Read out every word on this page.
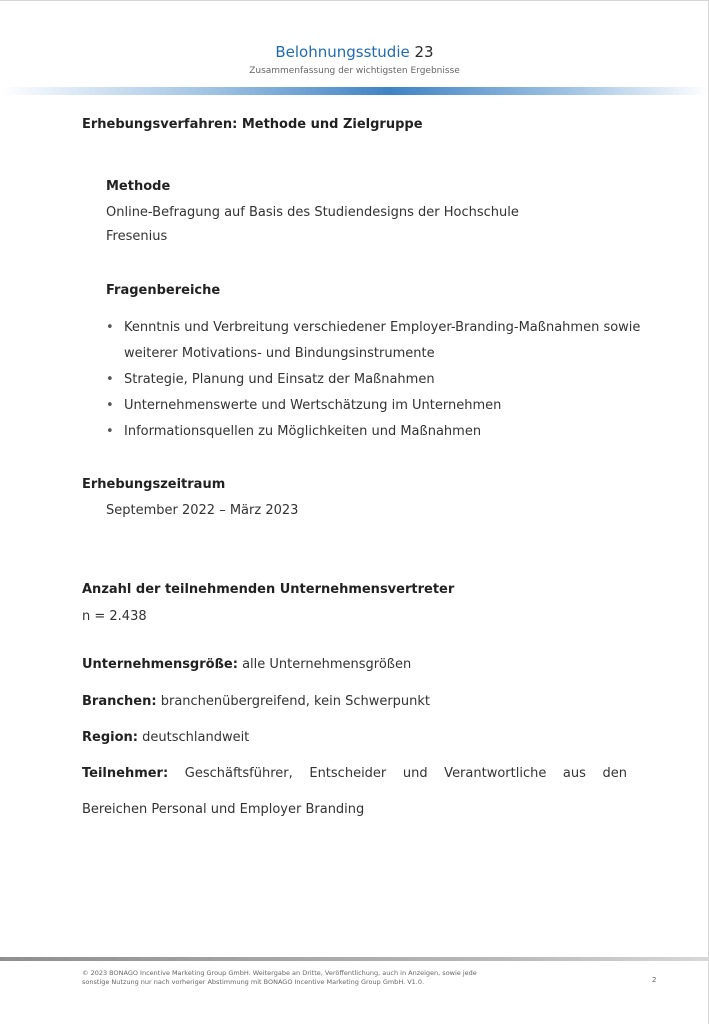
Belohnungsstudie 23
Zusammenfassung der wichtigsten Ergebnisse
Erhebungsverfahren: Methode und Zielgruppe
Methode
Online-Befragung auf Basis des Studiendesigns der Hochschule
Fresenius
Fragenbereiche
• Kenntnis und Verbreitung verschiedener Employer-Branding-Maßnahmen sowie weiterer Motivations- und Bindungsinstrumente
• Strategie, Planung und Einsatz der Maßnahmen
• Unternehmenswerte und Wertschätzung im Unternehmen
• Informationsquellen zu Möglichkeiten und Maßnahmen
Erhebungszeitraum
September 2022 – März 2023
Anzahl der teilnehmenden Unternehmensvertreter
n = 2.438
Unternehmensgröße: alle Unternehmensgrößen
Branchen: branchenübergreifend, kein Schwerpunkt
Region: deutschlandweit
Teilnehmer: Geschäftsführer, Entscheider und Verantwortliche aus den
Bereichen Personal und Employer Branding
© 2023 BONAGO Incentive Marketing Group GmbH. Weitergabe an Dritte, Veröffentlichung, auch in Anzeigen, sowie jede
sonstige Nutzung nur nach vorheriger Abstimmung mit BONAGO Incentive Marketing Group GmbH. V1.0.	2
